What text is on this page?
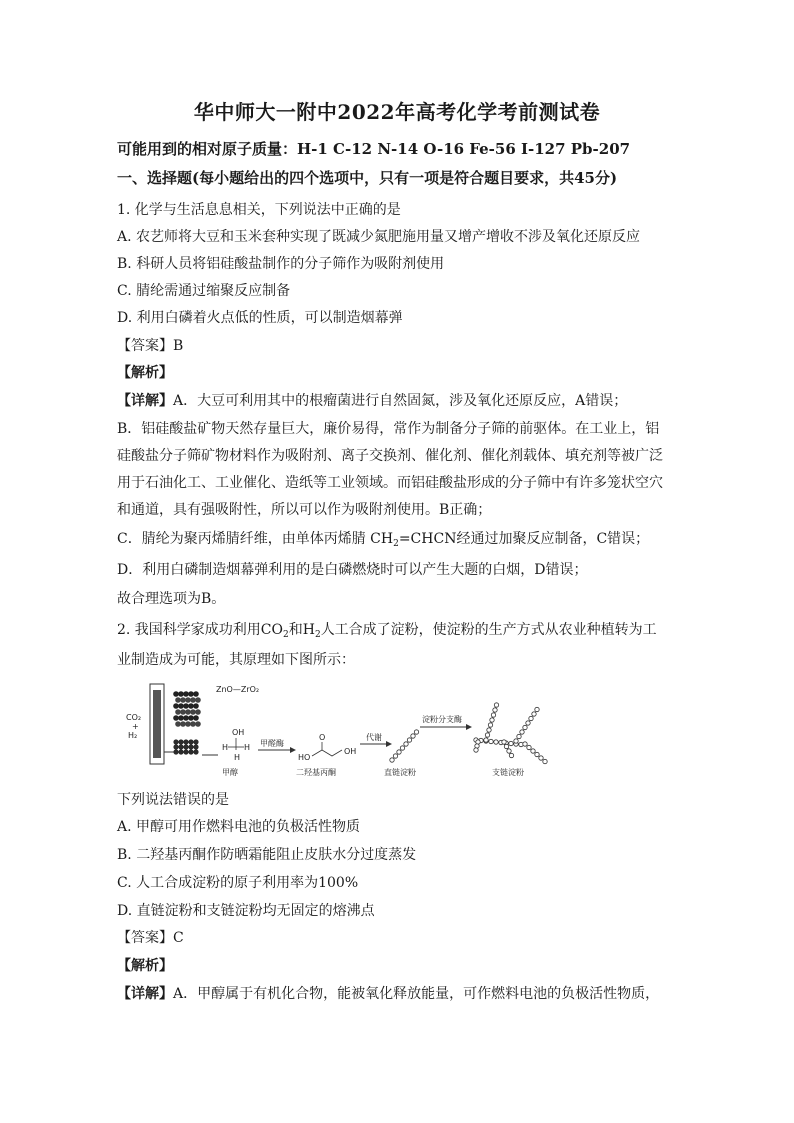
华中师大一附中2022年高考化学考前测试卷
可能用到的相对原子质量：H-1 C-12 N-14 O-16 Fe-56 I-127 Pb-207
一、选择题(每小题给出的四个选项中，只有一项是符合题目要求，共45分)
1. 化学与生活息息相关，下列说法中正确的是
A. 农艺师将大豆和玉米套种实现了既减少氮肥施用量又增产增收不涉及氧化还原反应
B. 科研人员将铝硅酸盐制作的分子筛作为吸附剂使用
C. 腈纶需通过缩聚反应制备
D. 利用白磷着火点低的性质，可以制造烟幕弹
【答案】B
【解析】
【详解】A．大豆可利用其中的根瘤菌进行自然固氮，涉及氧化还原反应，A错误；
B．铝硅酸盐矿物天然存量巨大，廉价易得，常作为制备分子筛的前驱体。在工业上，铝
硅酸盐分子筛矿物材料作为吸附剂、离子交换剂、催化剂、催化剂载体、填充剂等被广泛
用于石油化工、工业催化、造纸等工业领域。而铝硅酸盐形成的分子筛中有许多笼状空穴
和通道，具有强吸附性，所以可以作为吸附剂使用。B正确；
C．腈纶为聚丙烯腈纤维，由单体丙烯腈 $CH_2=CHCN$经通过加聚反应制备，C错误；
D．利用白磷制造烟幕弹利用的是白磷燃烧时可以产生大题的白烟，D错误；
故合理选项为B。
2. 我国科学家成功利用$CO_2$和$H_2$人工合成了淀粉，使淀粉的生产方式从农业种植转为工
业制造成为可能，其原理如下图所示：
CO₂
+
H₂
ZnO—ZrO₂
OH
H H
H
甲醇
甲醛酶
HO
OH
O
二羟基丙酮
代谢
直链淀粉
淀粉分支酶
支链淀粉
下列说法错误的是
A. 甲醇可用作燃料电池的负极活性物质
B. 二羟基丙酮作防晒霜能阻止皮肤水分过度蒸发
C. 人工合成淀粉的原子利用率为100%
D. 直链淀粉和支链淀粉均无固定的熔沸点
【答案】C
【解析】
【详解】A．甲醇属于有机化合物，能被氧化释放能量，可作燃料电池的负极活性物质，
